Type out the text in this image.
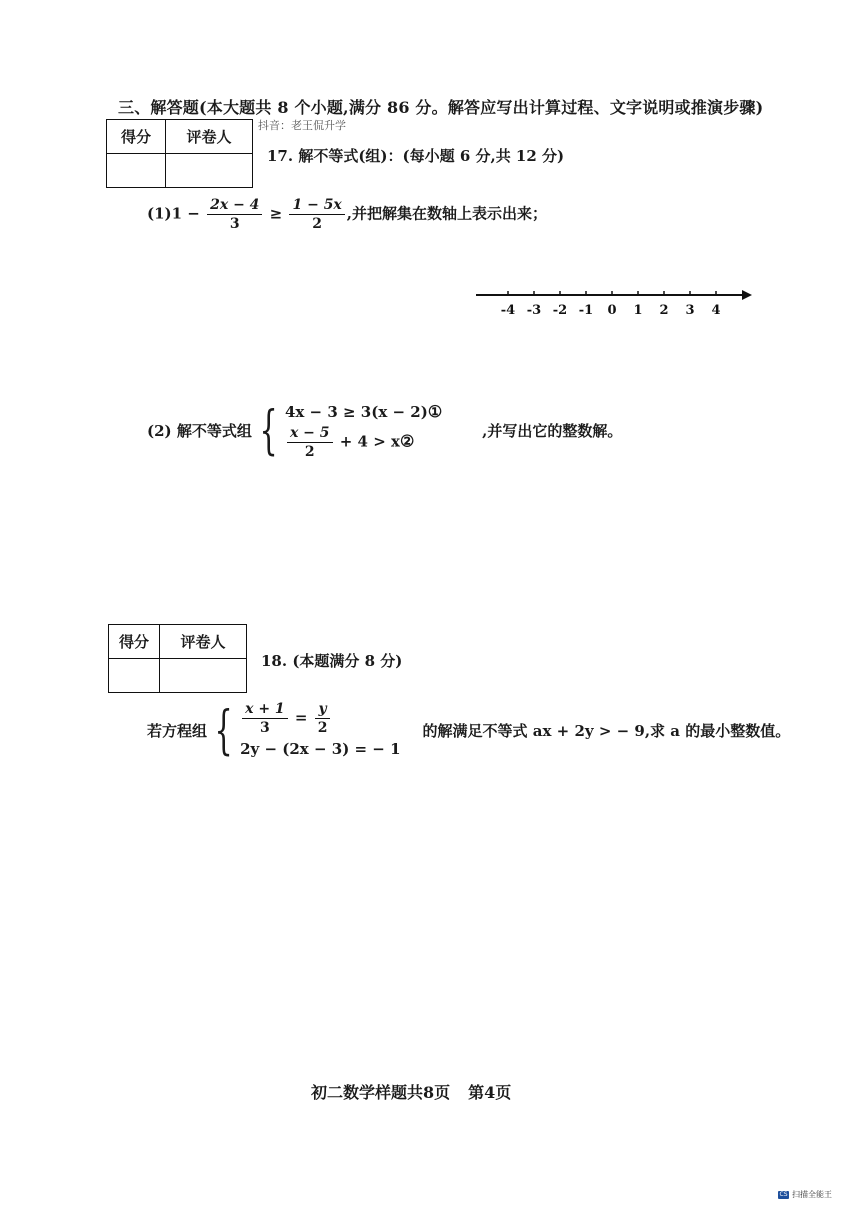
三、解答题(本大题共 8 个小题,满分 86 分。解答应写出计算过程、文字说明或推演步骤)
抖音：老王侃升学
得分	评卷人

17. 解不等式(组)：(每小题 6 分,共 12 分)
$(1)1 - \frac{2x - 4}{3} \ge \frac{1 - 5x}{2}$ ,并把解集在数轴上表示出来；
-4 -3 -2 -1 0 1 2 3 4
(2) 解不等式组 { 4x − 3 ≥ 3(x − 2)①
$\frac{x - 5}{2} + 4$ > x②
,并写出它的整数解。
得分	评卷人

18. (本题满分 8 分)
若方程组 { $\frac{x + 1}{3} = \frac{y}{2}$
2y − (2x − 3) = − 1
的解满足不等式 ax + 2y > − 9,求 a 的最小整数值。
初二数学样题共8页 第4页
CS 扫描全能王
